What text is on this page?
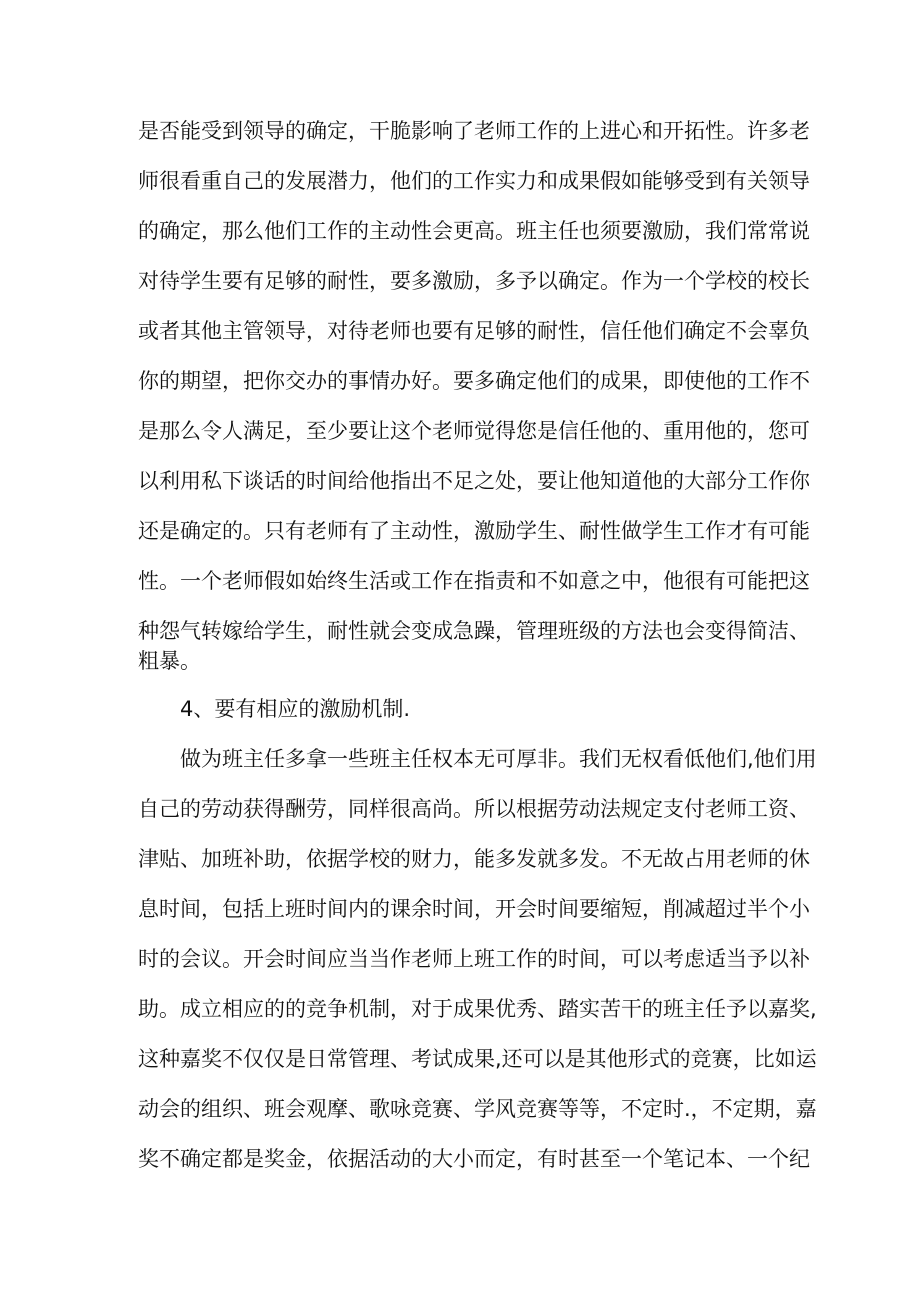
是否能受到领导的确定，干脆影响了老师工作的上进心和开拓性。许多老
师很看重自己的发展潜力，他们的工作实力和成果假如能够受到有关领导
的确定，那么他们工作的主动性会更高。班主任也须要激励，我们常常说
对待学生要有足够的耐性，要多激励，多予以确定。作为一个学校的校长
或者其他主管领导，对待老师也要有足够的耐性，信任他们确定不会辜负
你的期望，把你交办的事情办好。要多确定他们的成果，即使他的工作不
是那么令人满足，至少要让这个老师觉得您是信任他的、重用他的，您可
以利用私下谈话的时间给他指出不足之处，要让他知道他的大部分工作你
还是确定的。只有老师有了主动性，激励学生、耐性做学生工作才有可能
性。一个老师假如始终生活或工作在指责和不如意之中，他很有可能把这
种怨气转嫁给学生，耐性就会变成急躁，管理班级的方法也会变得简洁、
粗暴。
4、要有相应的激励机制.
做为班主任多拿一些班主任权本无可厚非。我们无权看低他们,他们用
自己的劳动获得酬劳，同样很高尚。所以根据劳动法规定支付老师工资、
津贴、加班补助，依据学校的财力，能多发就多发。不无故占用老师的休
息时间，包括上班时间内的课余时间，开会时间要缩短，削减超过半个小
时的会议。开会时间应当当作老师上班工作的时间，可以考虑适当予以补
助。成立相应的的竞争机制，对于成果优秀、踏实苦干的班主任予以嘉奖,
这种嘉奖不仅仅是日常管理、考试成果,还可以是其他形式的竞赛，比如运
动会的组织、班会观摩、歌咏竞赛、学风竞赛等等，不定时.，不定期，嘉
奖不确定都是奖金，依据活动的大小而定，有时甚至一个笔记本、一个纪
